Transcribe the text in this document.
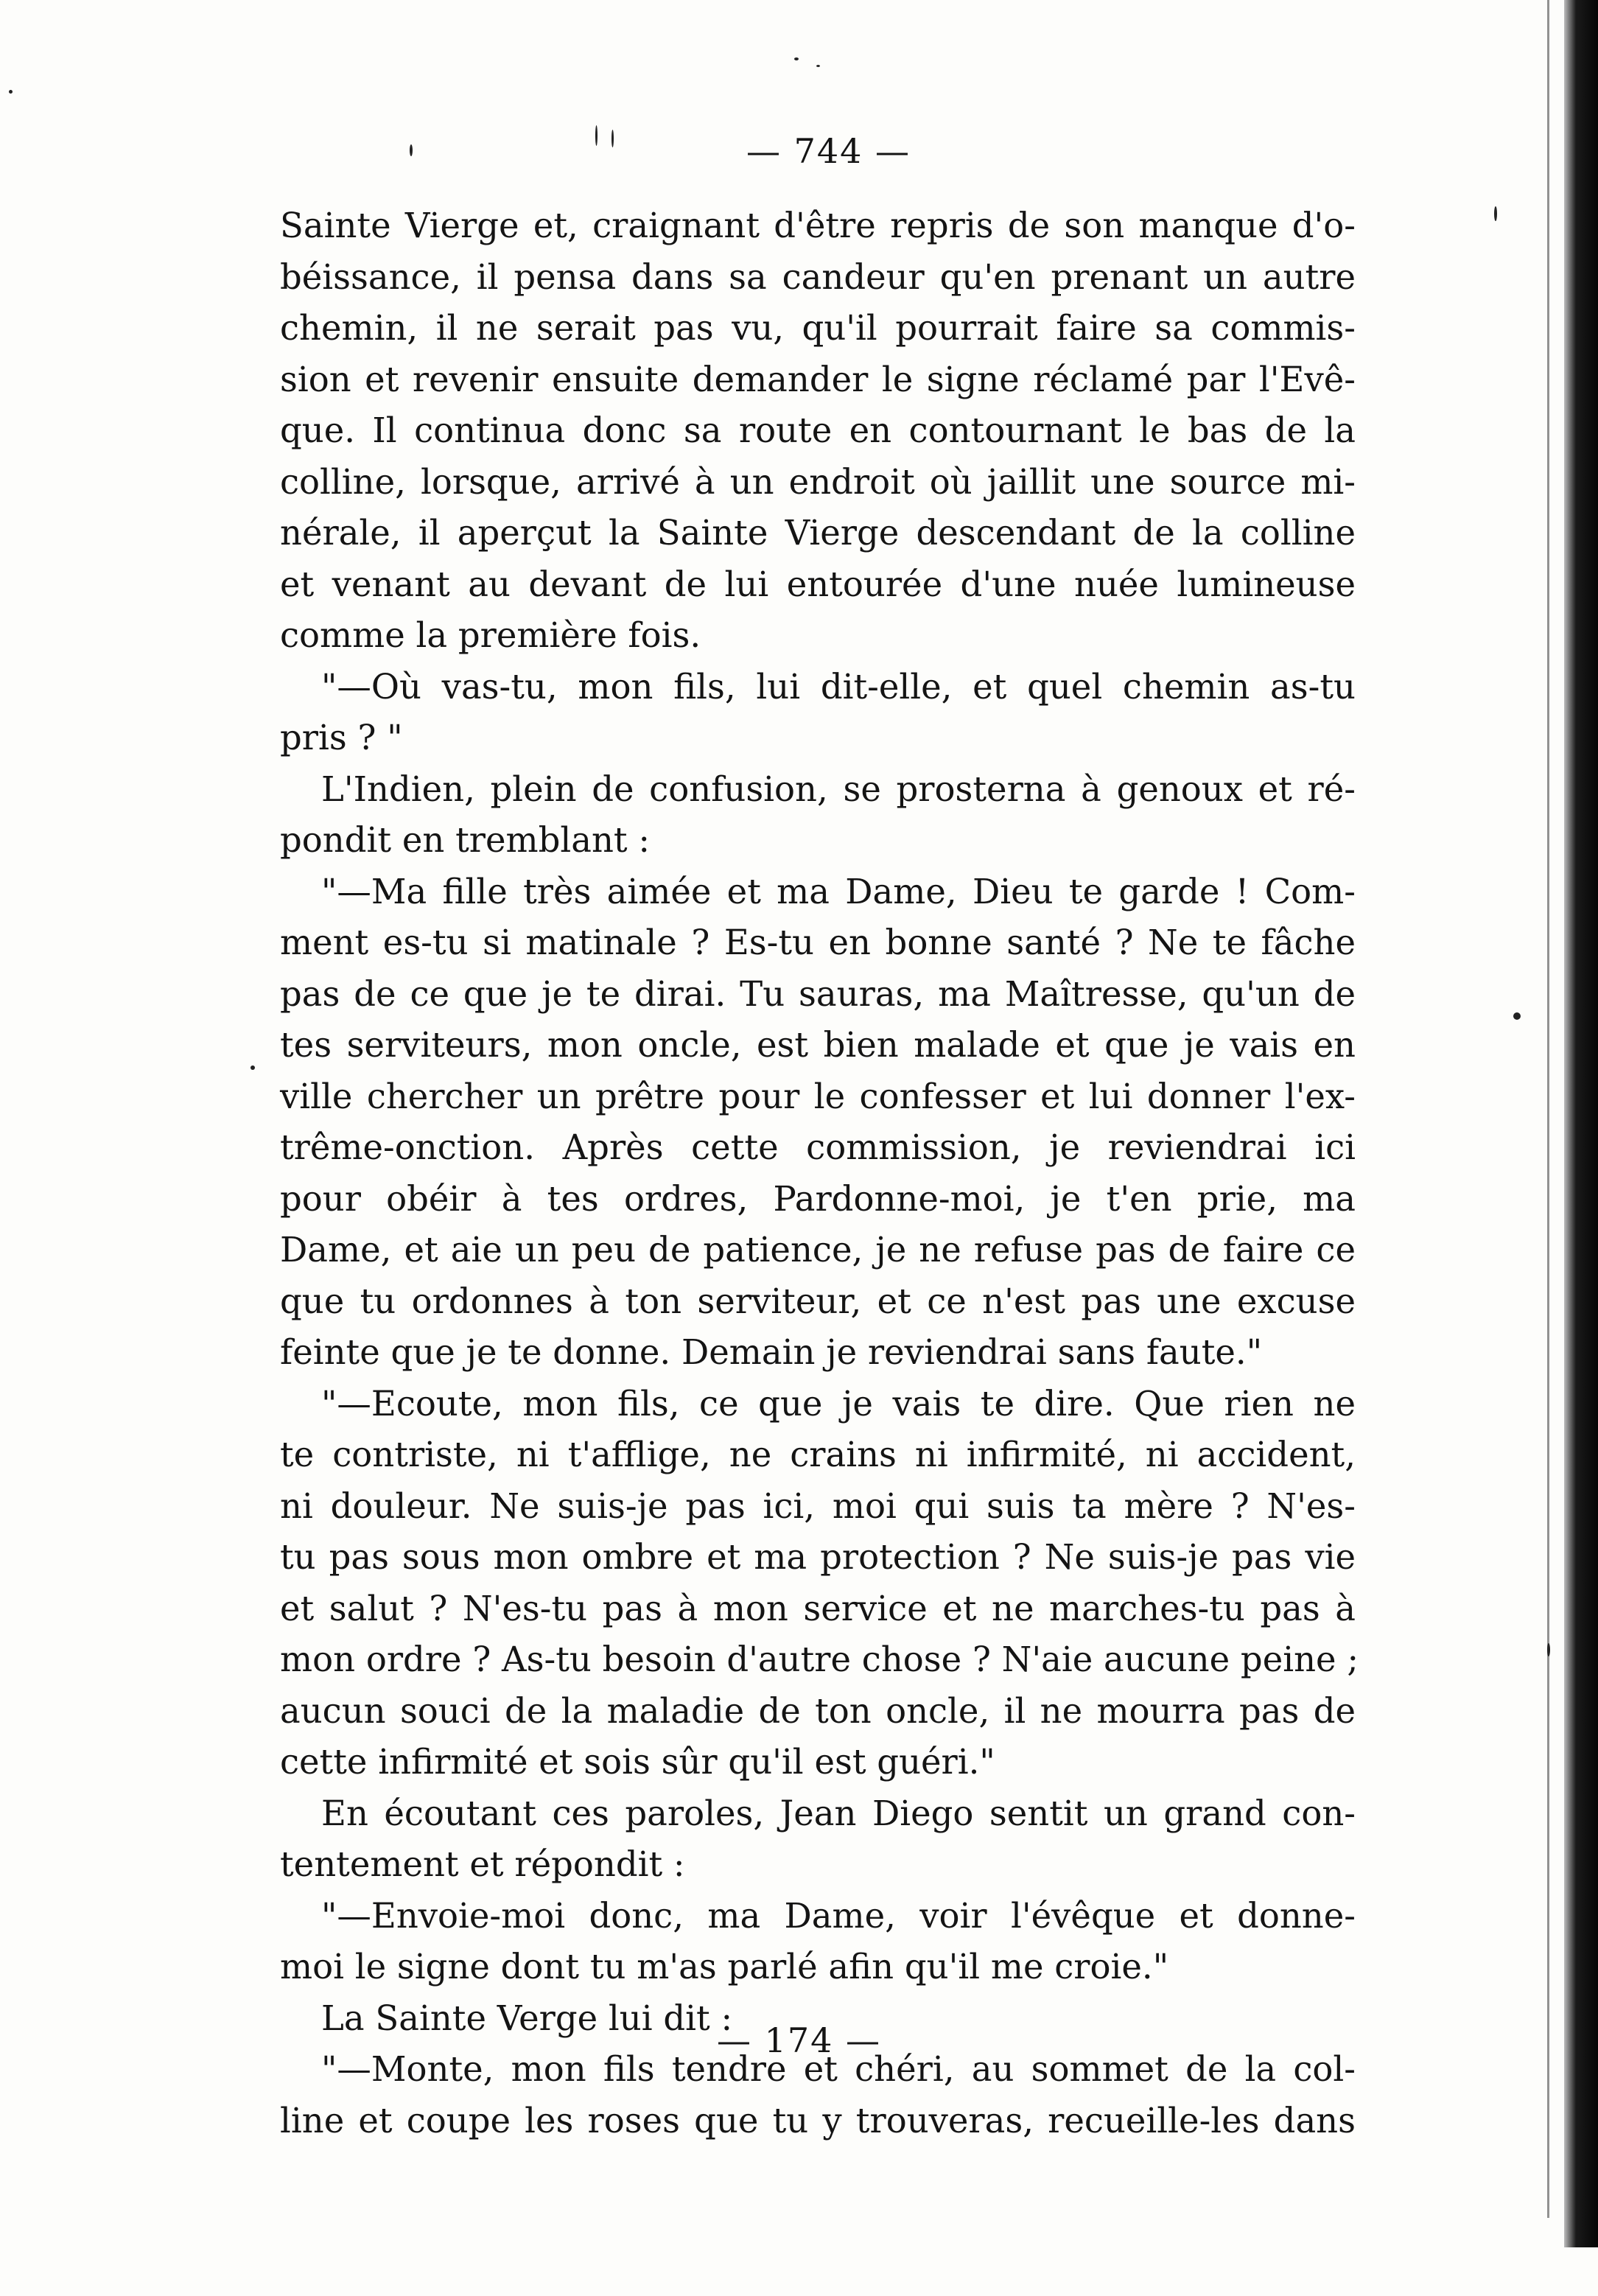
— 744 —
Sainte Vierge et, craignant d'être repris de son manque d'o-
béissance, il pensa dans sa candeur qu'en prenant un autre
chemin, il ne serait pas vu, qu'il pourrait faire sa commis-
sion et revenir ensuite demander le signe réclamé par l'Evê-
que. Il continua donc sa route en contournant le bas de la
colline, lorsque, arrivé à un endroit où jaillit une source mi-
nérale, il aperçut la Sainte Vierge descendant de la colline
et venant au devant de lui entourée d'une nuée lumineuse
comme la première fois.
"—Où vas-tu, mon fils, lui dit-elle, et quel chemin as-tu
pris ? "
L'Indien, plein de confusion, se prosterna à genoux et ré-
pondit en tremblant :
"—Ma fille très aimée et ma Dame, Dieu te garde ! Com-
ment es-tu si matinale ? Es-tu en bonne santé ? Ne te fâche
pas de ce que je te dirai. Tu sauras, ma Maîtresse, qu'un de
tes serviteurs, mon oncle, est bien malade et que je vais en
ville chercher un prêtre pour le confesser et lui donner l'ex-
trême-onction. Après cette commission, je reviendrai ici
pour obéir à tes ordres, Pardonne-moi, je t'en prie, ma
Dame, et aie un peu de patience, je ne refuse pas de faire ce
que tu ordonnes à ton serviteur, et ce n'est pas une excuse
feinte que je te donne. Demain je reviendrai sans faute."
"—Ecoute, mon fils, ce que je vais te dire. Que rien ne
te contriste, ni t'afflige, ne crains ni infirmité, ni accident,
ni douleur. Ne suis-je pas ici, moi qui suis ta mère ? N'es-
tu pas sous mon ombre et ma protection ? Ne suis-je pas vie
et salut ? N'es-tu pas à mon service et ne marches-tu pas à
mon ordre ? As-tu besoin d'autre chose ? N'aie aucune peine ;
aucun souci de la maladie de ton oncle, il ne mourra pas de
cette infirmité et sois sûr qu'il est guéri."
En écoutant ces paroles, Jean Diego sentit un grand con-
tentement et répondit :
"—Envoie-moi donc, ma Dame, voir l'évêque et donne-
moi le signe dont tu m'as parlé afin qu'il me croie."
La Sainte Verge lui dit :
"—Monte, mon fils tendre et chéri, au sommet de la col-
line et coupe les roses que tu y trouveras, recueille-les dans
— 174 —
